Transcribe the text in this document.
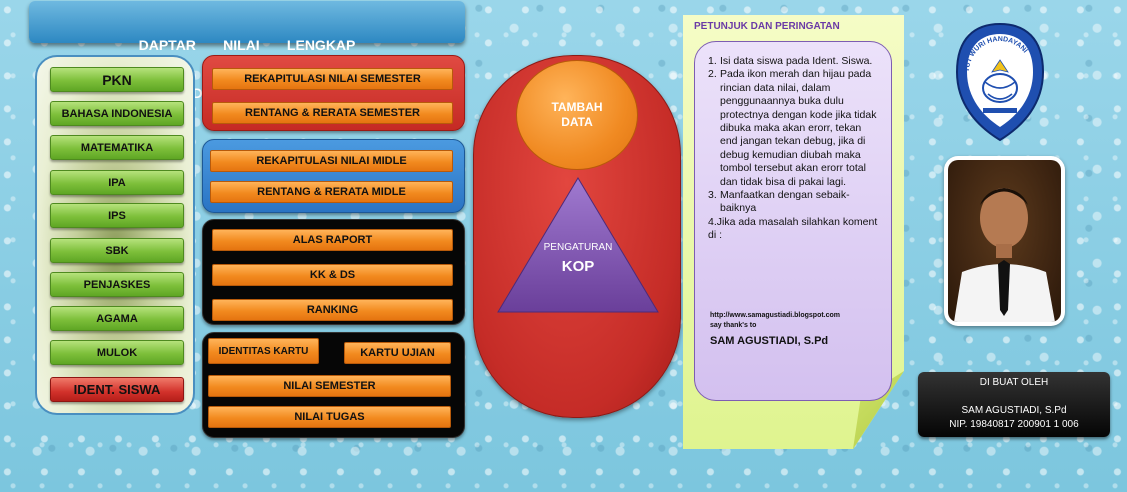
DAPTAR       NILAI       LENGKAP

SDN

PKN
BAHASA INDONESIA
MATEMATIKA
IPA
IPS
SBK
PENJASKES
AGAMA
MULOK
IDENT. SISWA
REKAPITULASI NILAI SEMESTER
RENTANG & RERATA SEMESTER
REKAPITULASI NILAI MIDLE
RENTANG & RERATA MIDLE
ALAS RAPORT
KK & DS
RANKING
IDENTITAS KARTU	KARTU UJIAN
NILAI SEMESTER
NILAI TUGAS
TAMBAH
DATA
PENGATURAN
KOP
PETUNJUK DAN PERINGATAN
1. Isi data siswa pada Ident. Siswa.
2. Pada ikon merah dan hijau pada rincian data nilai, dalam penggunaannya buka dulu protectnya dengan kode jika tidak dibuka maka akan erorr, tekan end jangan tekan debug, jika di debug kemudian diubah maka tombol tersebut akan erorr total dan tidak bisa di pakai lagi.
3. Manfaatkan dengan sebaik-baiknya
4.Jika ada masalah silahkan koment di :
http://www.samagustiadi.blogspot.com
say thank's to
SAM AGUSTIADI, S.Pd
TUT WURI HANDAYANI
DI BUAT OLEH
SAM AGUSTIADI, S.Pd
NIP. 19840817 200901 1 006
